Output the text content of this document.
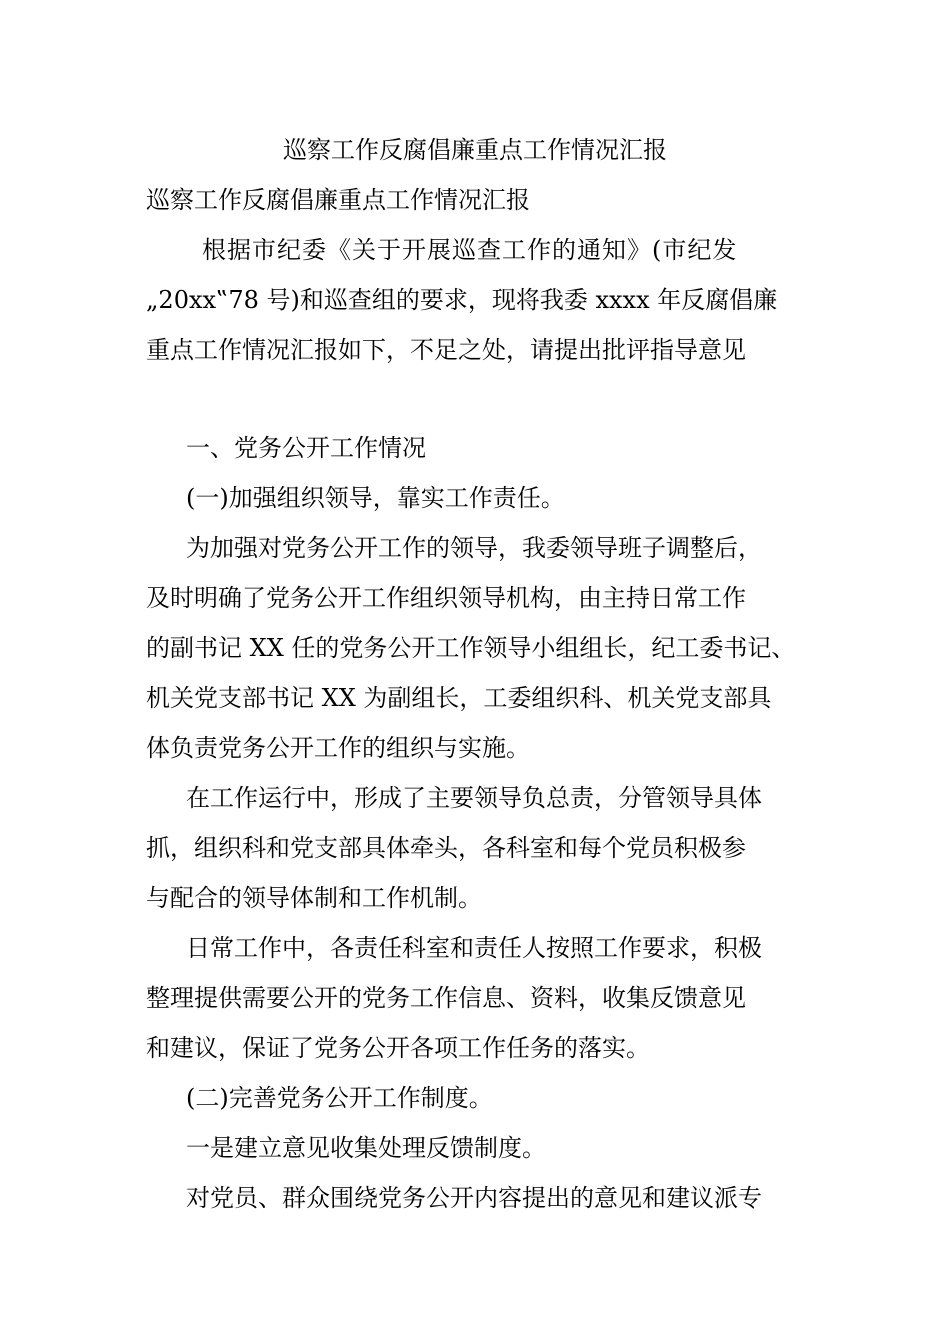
巡察工作反腐倡廉重点工作情况汇报

巡察工作反腐倡廉重点工作情况汇报

根据市纪委《关于开展巡查工作的通知》(市纪发

„20xx‟78 号)和巡查组的要求，现将我委 xxxx 年反腐倡廉

重点工作情况汇报如下，不足之处，请提出批评指导意见

一、党务公开工作情况

(一)加强组织领导，靠实工作责任。

为加强对党务公开工作的领导，我委领导班子调整后，

及时明确了党务公开工作组织领导机构，由主持日常工作

的副书记 XX 任的党务公开工作领导小组组长，纪工委书记、

机关党支部书记 XX 为副组长，工委组织科、机关党支部具

体负责党务公开工作的组织与实施。

在工作运行中，形成了主要领导负总责，分管领导具体

抓，组织科和党支部具体牵头，各科室和每个党员积极参

与配合的领导体制和工作机制。

日常工作中，各责任科室和责任人按照工作要求，积极

整理提供需要公开的党务工作信息、资料，收集反馈意见

和建议，保证了党务公开各项工作任务的落实。

(二)完善党务公开工作制度。

一是建立意见收集处理反馈制度。

对党员、群众围绕党务公开内容提出的意见和建议派专
